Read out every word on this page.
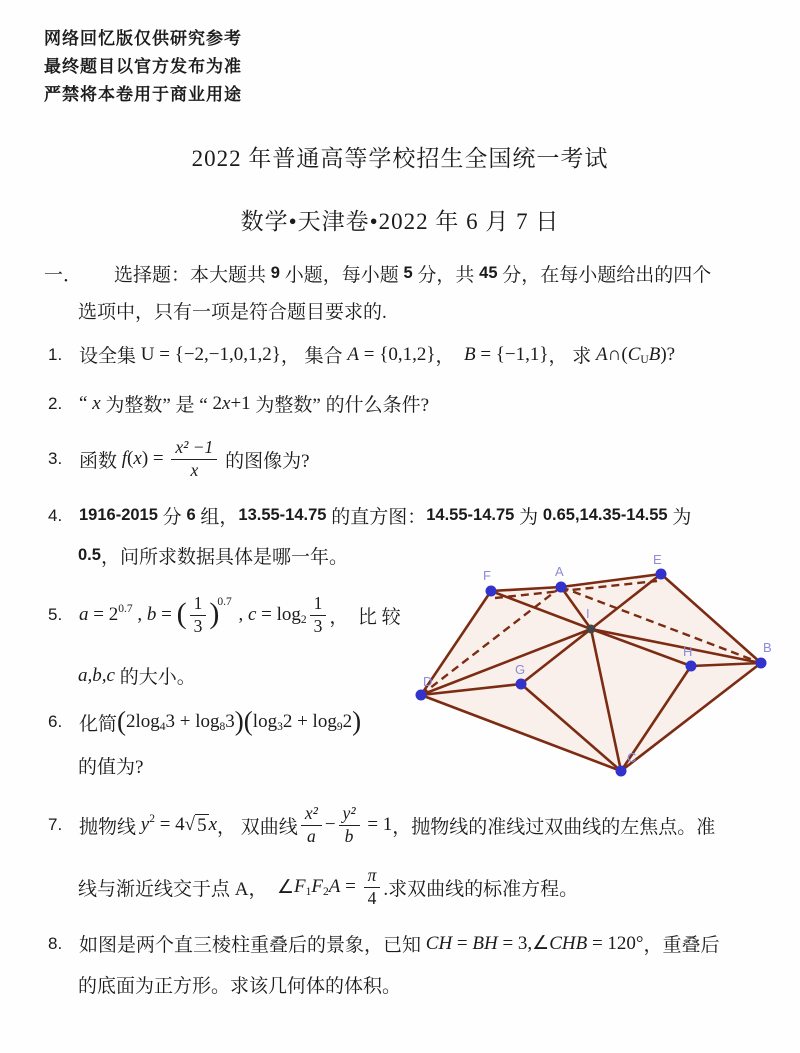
网络回忆版仅供研究参考
最终题目以官方发布为准
严禁将本卷用于商业用途
2022 年普通高等学校招生全国统一考试
数学•天津卷•2022 年 6 月 7 日
一．	选择题：本大题共 9 小题，每小题 5 分，共 45 分，在每小题给出的四个
选项中，只有一项是符合题目要求的.
1. 设全集 U = {−2,−1,0,1,2} ， 集合 A = {0,1,2} ， B = {−1,1} ， 求 A ∩( C U B )?
2. “ x 为整数” 是 “ 2 x +1 为整数” 的什么条件?
3. 函数 f ( x ) = $\frac{\text{x² −1}}{x}$ 的图像为?
4.	1916-2015 分 6 组， 13.55-14.75 的直方图： 14.55-14.75 为 0.65,14.35-14.55 为
0.5 ，问所求数据具体是哪一年。
5. a = 2 0.7 , b = ( $\frac{1}{3}$ )
0.7
, $c = \log 2 \frac{1}{3}$ ，  比 较
a,b,c 的大小。
6. 化简 ( 2log 4 3 + log 8 3 ) ( log 3 2 + log 9 2 )
的值为?
7. 抛物线 y 2 = 4 √ 5 x ， 双曲线 $\frac{\text{x²}}{a} - \frac{\text{y²}}{b} = 1$ ，抛物线的准线过双曲线的左焦点。准
线与渐近线交于点 A， ∠ F 1 F 2 $A = \frac{\pi}{4}$ .求双曲线的标准方程。
8. 如图是两个直三棱柱重叠后的景象，已知 CH = BH = 3,∠ CHB = 120° ，重叠后
的底面为正方形。求该几何体的体积。
F	A
E
I
D
G
H	B
C
